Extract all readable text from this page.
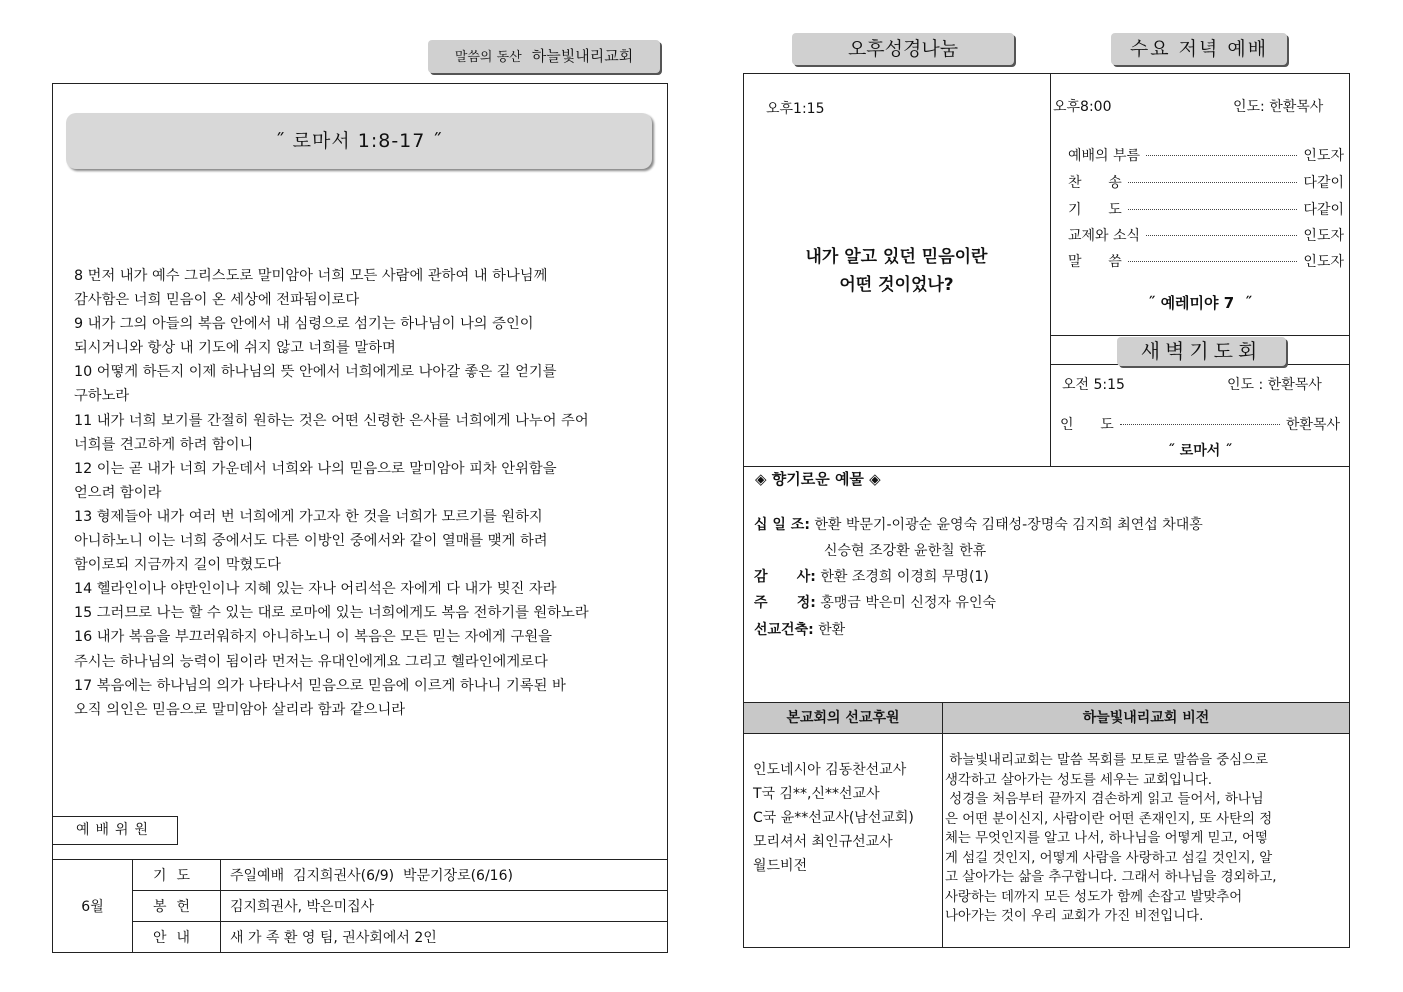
말씀의 동산 하늘빛내리교회
˝ 로마서 1:8-17 ˝
8 먼저 내가 예수 그리스도로 말미암아 너희 모든 사람에 관하여 내 하나님께
감사함은 너희 믿음이 온 세상에 전파됨이로다
9 내가 그의 아들의 복음 안에서 내 심령으로 섬기는 하나님이 나의 증인이
되시거니와 항상 내 기도에 쉬지 않고 너희를 말하며
10 어떻게 하든지 이제 하나님의 뜻 안에서 너희에게로 나아갈 좋은 길 얻기를
구하노라
11 내가 너희 보기를 간절히 원하는 것은 어떤 신령한 은사를 너희에게 나누어 주어
너희를 견고하게 하려 함이니
12 이는 곧 내가 너희 가운데서 너희와 나의 믿음으로 말미암아 피차 안위함을
얻으려 함이라
13 형제들아 내가 여러 번 너희에게 가고자 한 것을 너희가 모르기를 원하지
아니하노니 이는 너희 중에서도 다른 이방인 중에서와 같이 열매를 맺게 하려
함이로되 지금까지 길이 막혔도다
14 헬라인이나 야만인이나 지혜 있는 자나 어리석은 자에게 다 내가 빚진 자라
15 그러므로 나는 할 수 있는 대로 로마에 있는 너희에게도 복음 전하기를 원하노라
16 내가 복음을 부끄러워하지 아니하노니 이 복음은 모든 믿는 자에게 구원을
주시는 하나님의 능력이 됨이라 먼저는 유대인에게요 그리고 헬라인에게로다
17 복음에는 하나님의 의가 나타나서 믿음으로 믿음에 이르게 하나니 기록된 바
오직 의인은 믿음으로 말미암아 살리라 함과 같으니라
예배위원
6월	기도	주일예배  김지희권사(6/9)  박문기장로(6/16)
	봉헌	김지희권사, 박은미집사
	안내	새 가 족 환 영 팀, 권사회에서 2인
오후성경나눔	수요 저녁 예배
오후1:15
내가 알고 있던 믿음이란
어떤 것이었나?
오후8:00	인도: 한환목사
예배의 부름	인도자
찬      송	다같이
기      도	다같이
교제와 소식	인도자
말      씀	인도자
˝ 예레미야 7  ˝
새벽기도회
오전 5:15	인도 : 한환목사
인      도	한환목사
˝ 로마서 ˝
◈ 향기로운 예물 ◈
십 일 조: 한환 박문기-이광순 윤영숙 김태성-장명숙 김지희 최연섭 차대홍
신승현 조강환 윤한칠 한휴
감      사: 한환 조경희 이경희 무명(1)
주      정: 홍맹금 박은미 신정자 유인숙
선교건축: 한환
본교회의 선교후원	하늘빛내리교회 비전
인도네시아 김동찬선교사
T국 김**,신**선교사
C국 윤**선교사(남선교회)
모리셔서 최인규선교사
월드비전
하늘빛내리교회는 말씀 목회를 모토로 말씀을 중심으로
생각하고 살아가는 성도를 세우는 교회입니다.
성경을 처음부터 끝까지 겸손하게 읽고 들어서, 하나님
은 어떤 분이신지, 사람이란 어떤 존재인지, 또 사탄의 정
체는 무엇인지를 알고 나서, 하나님을 어떻게 믿고, 어떻
게 섬길 것인지, 어떻게 사람을 사랑하고 섬길 것인지, 알
고 살아가는 삶을 추구합니다. 그래서 하나님을 경외하고,
사랑하는 데까지 모든 성도가 함께 손잡고 발맞추어
나아가는 것이 우리 교회가 가진 비전입니다.
